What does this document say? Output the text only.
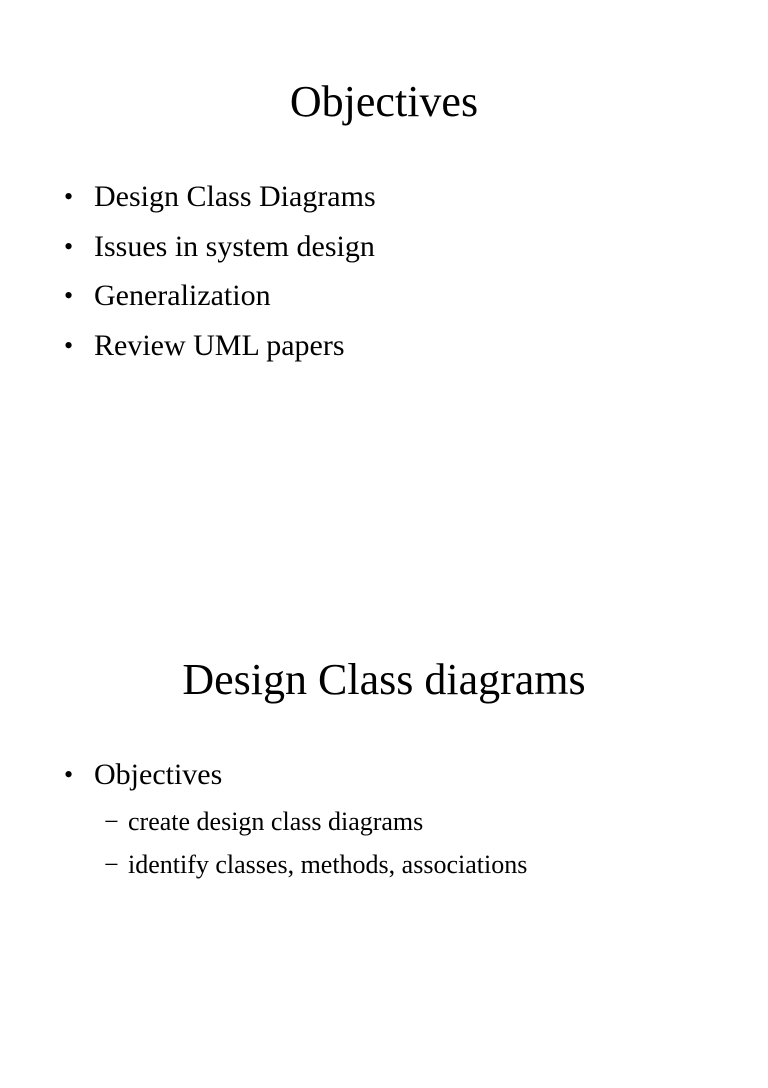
Objectives
• Design Class Diagrams
• Issues in system design
• Generalization
• Review UML papers
Design Class diagrams
• Objectives
− create design class diagrams
− identify classes, methods, associations
